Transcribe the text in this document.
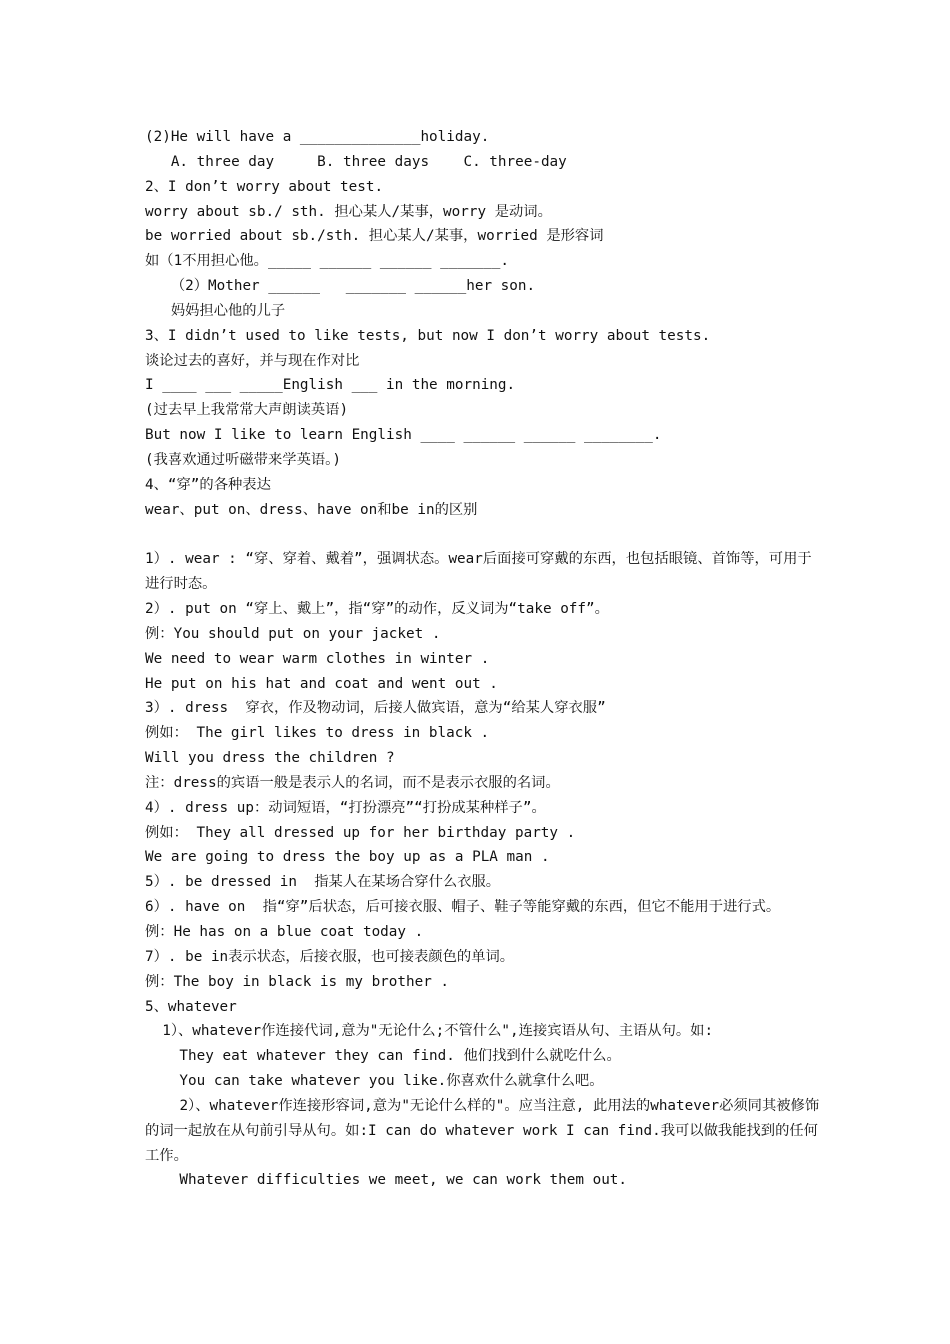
(2)He will have a ______________holiday.
A. three day     B. three days    C. three-day
2、I don’t worry about test.
worry about sb./ sth. 担心某人/某事，worry 是动词。
be worried about sb./sth. 担心某人/某事，worried 是形容词
如（1不用担心他。_____ ______ ______ _______.
（2）Mother ______   _______ ______her son.
妈妈担心他的儿子
3、I didn’t used to like tests, but now I don’t worry about tests.
谈论过去的喜好，并与现在作对比
I ____ ___ _____English ___ in the morning.
(过去早上我常常大声朗读英语)
But now I like to learn English ____ ______ ______ ________.
(我喜欢通过听磁带来学英语。)
4、“穿”的各种表达
wear、put on、dress、have on和be in的区别
1）. wear : “穿、穿着、戴着”，强调状态。wear后面接可穿戴的东西，也包括眼镜、首饰等，可用于进行时态。
2）. put on “穿上、戴上”，指“穿”的动作，反义词为“take off”。
例：You should put on your jacket .
We need to wear warm clothes in winter .
He put on his hat and coat and went out .
3）. dress  穿衣，作及物动词，后接人做宾语，意为“给某人穿衣服”
例如： The girl likes to dress in black .
Will you dress the children ?
注：dress的宾语一般是表示人的名词，而不是表示衣服的名词。
4）. dress up：动词短语，“打扮漂亮”“打扮成某种样子”。
例如： They all dressed up for her birthday party .
We are going to dress the boy up as a PLA man .
5）. be dressed in  指某人在某场合穿什么衣服。
6）. have on  指“穿”后状态，后可接衣服、帽子、鞋子等能穿戴的东西，但它不能用于进行式。
例：He has on a blue coat today .
7）. be in表示状态，后接衣服，也可接表颜色的单词。
例：The boy in black is my brother .
5、whatever
1）、whatever作连接代词,意为"无论什么;不管什么",连接宾语从句、主语从句。如:
They eat whatever they can find. 他们找到什么就吃什么。
You can take whatever you like.你喜欢什么就拿什么吧。
2）、whatever作连接形容词,意为"无论什么样的"。应当注意, 此用法的whatever必须同其被修饰的词一起放在从句前引导从句。如:I can do whatever work I can find.我可以做我能找到的任何工作。
Whatever difficulties we meet, we can work them out.
